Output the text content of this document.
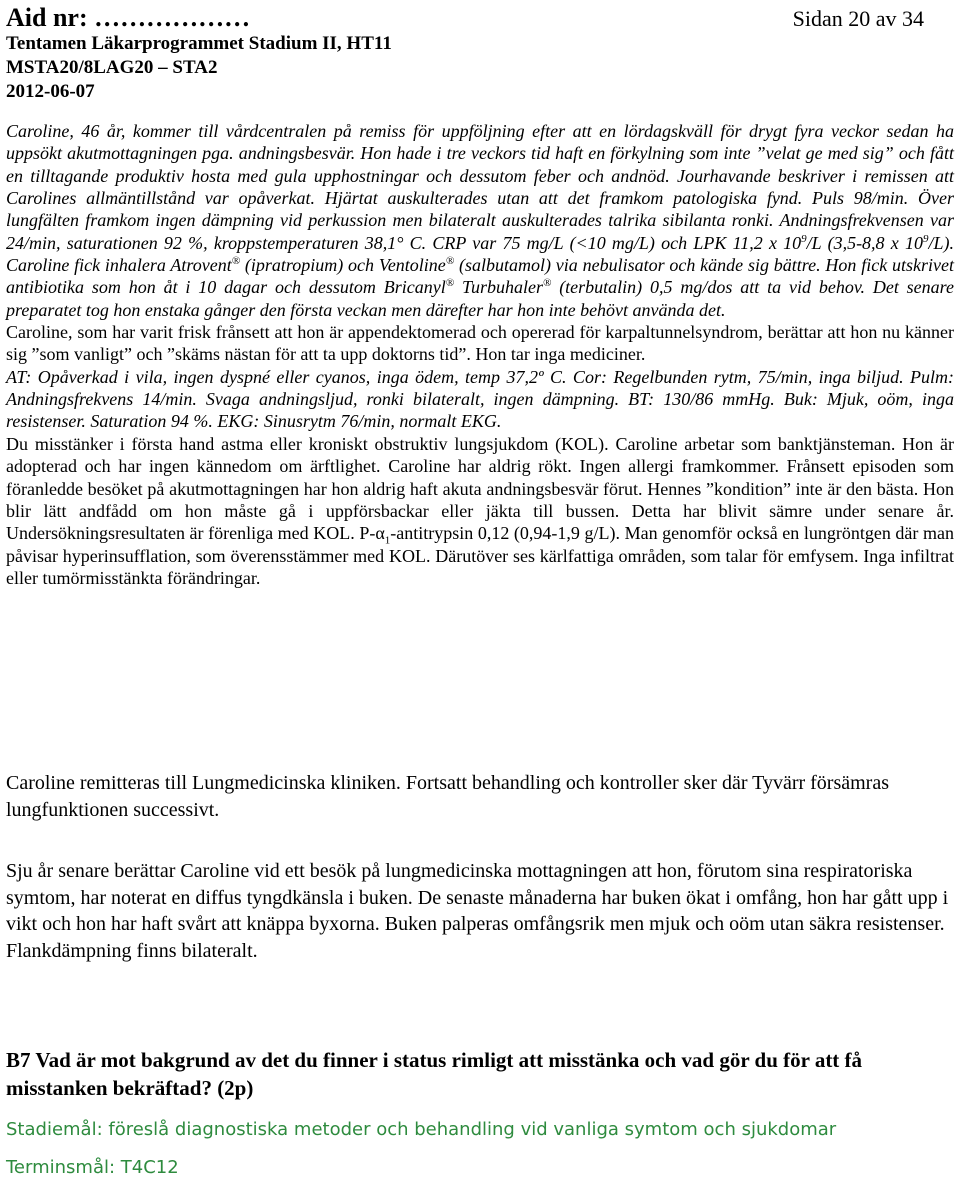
Aid nr: ………………
Tentamen Läkarprogrammet Stadium II, HT11
MSTA20/8LAG20 – STA2
2012-06-07
Sidan 20 av 34

Caroline, 46 år, kommer till vårdcentralen på remiss för uppföljning efter att en lördagskväll för drygt fyra veckor sedan ha uppsökt akutmottagningen pga. andningsbesvär. Hon hade i tre veckors tid haft en förkylning som inte ”velat ge med sig” och fått en tilltagande produktiv hosta med gula upphostningar och dessutom feber och andnöd. Jourhavande beskriver i remissen att Carolines allmäntillstånd var opåverkat. Hjärtat auskulterades utan att det framkom patologiska fynd. Puls 98/min. Över lungfälten framkom ingen dämpning vid perkussion men bilateralt auskulterades talrika sibilanta ronki. Andningsfrekvensen var 24/min, saturationen 92 %, kroppstemperaturen 38,1° C. CRP var 75 mg/L (<10 mg/L) och LPK 11,2 x $10^9/L$ (3,5-8,8 x $10^9/L$). Caroline fick inhalera Atrovent® (ipratropium) och Ventoline® (salbutamol) via nebulisator och kände sig bättre. Hon fick utskrivet antibiotika som hon åt i 10 dagar och dessutom Bricanyl® Turbuhaler® (terbutalin) 0,5 mg/dos att ta vid behov. Det senare preparatet tog hon enstaka gånger den första veckan men därefter har hon inte behövt använda det.

Caroline, som har varit frisk frånsett att hon är appendektomerad och opererad för karpaltunnelsyndrom, berättar att hon nu känner sig ”som vanligt” och ”skäms nästan för att ta upp doktorns tid”. Hon tar inga mediciner.

AT: Opåverkad i vila, ingen dyspné eller cyanos, inga ödem, temp 37,2º C. Cor: Regelbunden rytm, 75/min, inga biljud. Pulm: Andningsfrekvens 14/min. Svaga andningsljud, ronki bilateralt, ingen dämpning. BT: 130/86 mmHg. Buk: Mjuk, oöm, inga resistenser. Saturation 94 %. EKG: Sinusrytm 76/min, normalt EKG.

Du misstänker i första hand astma eller kroniskt obstruktiv lungsjukdom (KOL). Caroline arbetar som banktjänsteman. Hon är adopterad och har ingen kännedom om ärftlighet. Caroline har aldrig rökt. Ingen allergi framkommer. Frånsett episoden som föranledde besöket på akutmottagningen har hon aldrig haft akuta andningsbesvär förut. Hennes ”kondition” inte är den bästa. Hon blir lätt andfådd om hon måste gå i uppförsbackar eller jäkta till bussen. Detta har blivit sämre under senare år. Undersökningsresultaten är förenliga med KOL. $P-\alpha_1$-antitrypsin 0,12 (0,94-1,9 g/L). Man genomför också en lungröntgen där man påvisar hyperinsufflation, som överensstämmer med KOL. Därutöver ses kärlfattiga områden, som talar för emfysem. Inga infiltrat eller tumörmisstänkta förändringar.

Caroline remitteras till Lungmedicinska kliniken. Fortsatt behandling och kontroller sker där Tyvärr försämras lungfunktionen successivt.

Sju år senare berättar Caroline vid ett besök på lungmedicinska mottagningen att hon, förutom sina respiratoriska symtom, har noterat en diffus tyngdkänsla i buken. De senaste månaderna har buken ökat i omfång, hon har gått upp i vikt och hon har haft svårt att knäppa byxorna. Buken palperas omfångsrik men mjuk och oöm utan säkra resistenser. Flankdämpning finns bilateralt.

B7 Vad är mot bakgrund av det du finner i status rimligt att misstänka och vad gör du för att få misstanken bekräftad? (2p)

Stadiemål: föreslå diagnostiska metoder och behandling vid vanliga symtom och sjukdomar
Terminsmål: T4C12
